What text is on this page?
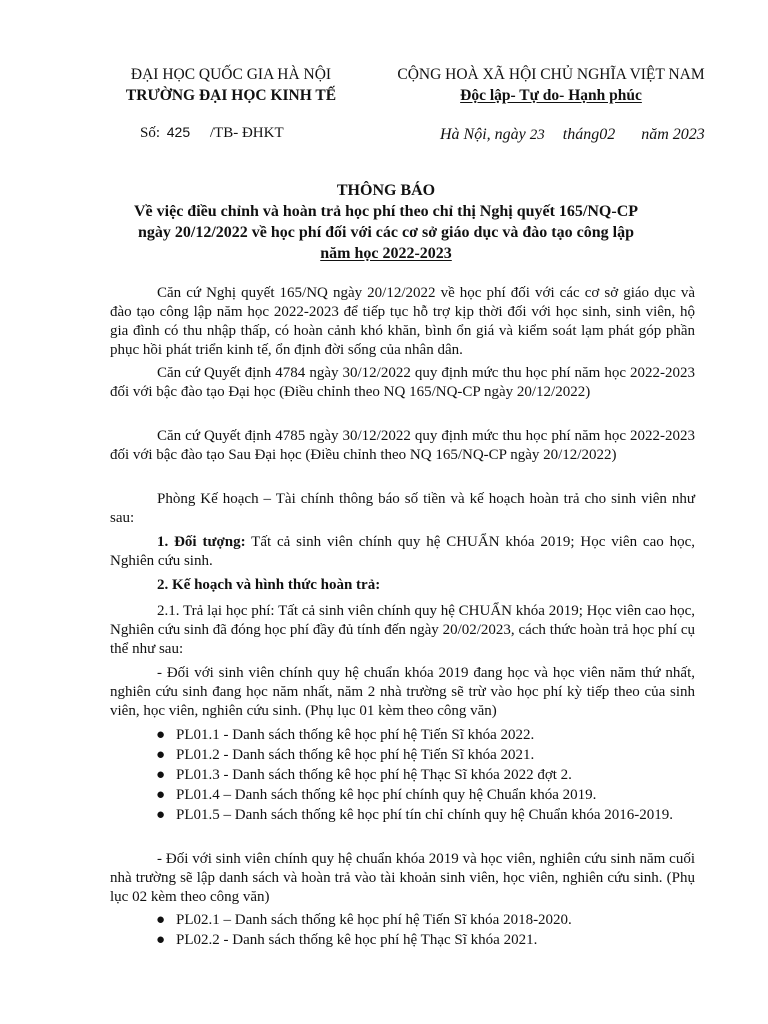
ĐẠI HỌC QUỐC GIA HÀ NỘI
TRƯỜNG ĐẠI HỌC KINH TẾ
CỘNG HOÀ XÃ HỘI CHỦ NGHĨA VIỆT NAM
Độc lập- Tự do- Hạnh phúc
Số: 425 /TB- ĐHKT	Hà Nội, ngày 23 tháng02 năm 2023
THÔNG BÁO
Về việc điều chỉnh và hoàn trả học phí theo chỉ thị Nghị quyết 165/NQ-CP
ngày 20/12/2022 về học phí đối với các cơ sở giáo dục và đào tạo công lập
năm học 2022-2023
Căn cứ Nghị quyết 165/NQ ngày 20/12/2022 về học phí đối với các cơ sở giáo dục và đào tạo công lập năm học 2022-2023 để tiếp tục hỗ trợ kịp thời đối với học sinh, sinh viên, hộ gia đình có thu nhập thấp, có hoàn cảnh khó khăn, bình ổn giá và kiểm soát lạm phát góp phần phục hồi phát triển kinh tế, ổn định đời sống của nhân dân.
Căn cứ Quyết định 4784 ngày 30/12/2022 quy định mức thu học phí năm học 2022-2023 đối với bậc đào tạo Đại học (Điều chỉnh theo NQ 165/NQ-CP ngày 20/12/2022)
Căn cứ Quyết định 4785 ngày 30/12/2022 quy định mức thu học phí năm học 2022-2023 đối với bậc đào tạo Sau Đại học (Điều chỉnh theo NQ 165/NQ-CP ngày 20/12/2022)
Phòng Kế hoạch – Tài chính thông báo số tiền và kế hoạch hoàn trả cho sinh viên như sau:
1. Đối tượng: Tất cả sinh viên chính quy hệ CHUẨN khóa 2019; Học viên cao học, Nghiên cứu sinh.
2. Kế hoạch và hình thức hoàn trả:
2.1. Trả lại học phí: Tất cả sinh viên chính quy hệ CHUẨN khóa 2019; Học viên cao học, Nghiên cứu sinh đã đóng học phí đầy đủ tính đến ngày 20/02/2023, cách thức hoàn trả học phí cụ thể như sau:
- Đối với sinh viên chính quy hệ chuẩn khóa 2019 đang học và học viên năm thứ nhất, nghiên cứu sinh đang học năm nhất, năm 2 nhà trường sẽ trừ vào học phí kỳ tiếp theo của sinh viên, học viên, nghiên cứu sinh. (Phụ lục 01 kèm theo công văn)
● PL01.1 - Danh sách thống kê học phí hệ Tiến Sĩ khóa 2022.
● PL01.2 - Danh sách thống kê học phí hệ Tiến Sĩ khóa 2021.
● PL01.3 - Danh sách thống kê học phí hệ Thạc Sĩ khóa 2022 đợt 2.
● PL01.4 – Danh sách thống kê học phí chính quy hệ Chuẩn khóa 2019.
● PL01.5 – Danh sách thống kê học phí tín chỉ chính quy hệ Chuẩn khóa 2016-2019.
- Đối với sinh viên chính quy hệ chuẩn khóa 2019 và học viên, nghiên cứu sinh năm cuối nhà trường sẽ lập danh sách và hoàn trả vào tài khoản sinh viên, học viên, nghiên cứu sinh. (Phụ lục 02 kèm theo công văn)
● PL02.1 – Danh sách thống kê học phí hệ Tiến Sĩ khóa 2018-2020.
● PL02.2 - Danh sách thống kê học phí hệ Thạc Sĩ khóa 2021.
